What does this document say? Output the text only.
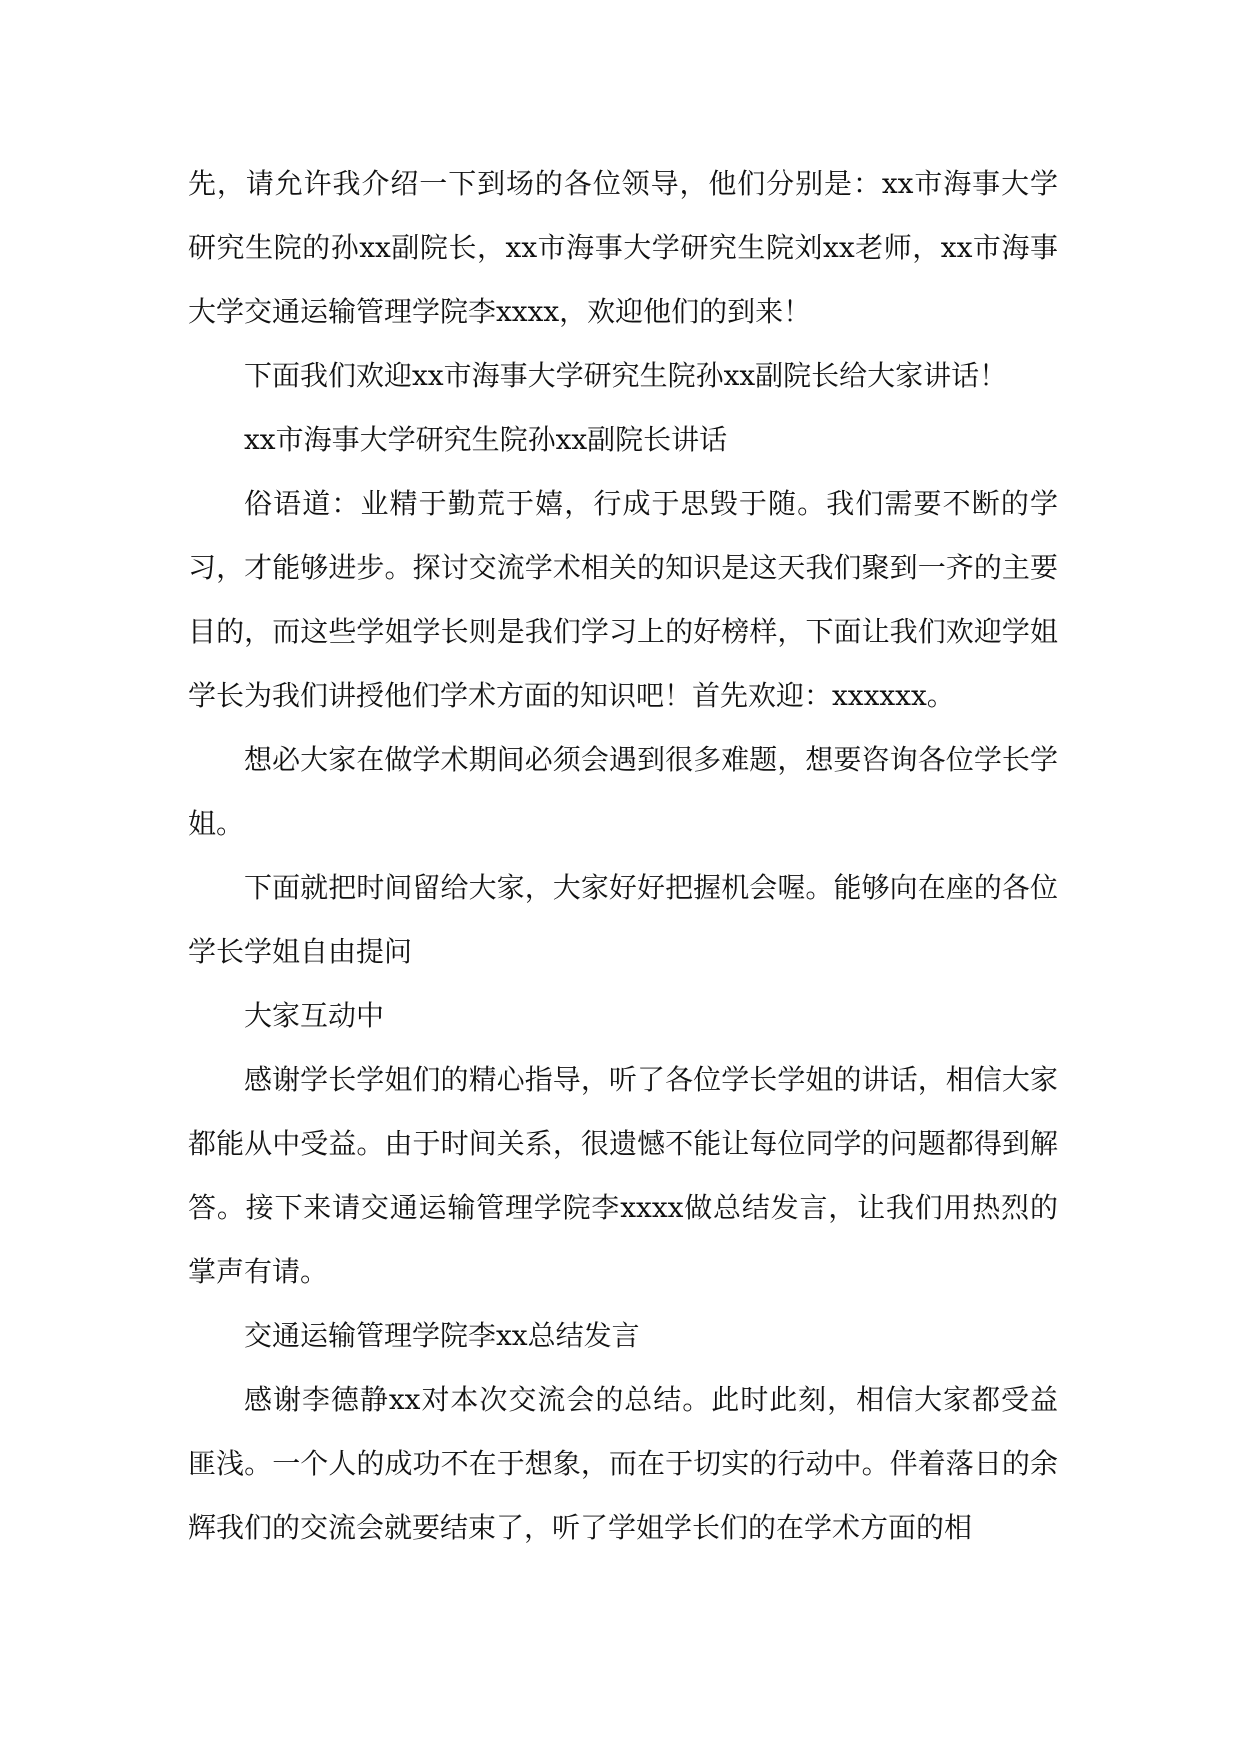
先，请允许我介绍一下到场的各位领导，他们分别是：xx市海事大学研究生院的孙xx副院长，xx市海事大学研究生院刘xx老师，xx市海事大学交通运输管理学院李xxxx，欢迎他们的到来！

下面我们欢迎xx市海事大学研究生院孙xx副院长给大家讲话！

xx市海事大学研究生院孙xx副院长讲话

俗语道：业精于勤荒于嬉，行成于思毁于随。我们需要不断的学习，才能够进步。探讨交流学术相关的知识是这天我们聚到一齐的主要目的，而这些学姐学长则是我们学习上的好榜样，下面让我们欢迎学姐学长为我们讲授他们学术方面的知识吧！首先欢迎：xxxxxx。

想必大家在做学术期间必须会遇到很多难题，想要咨询各位学长学姐。

下面就把时间留给大家，大家好好把握机会喔。能够向在座的各位学长学姐自由提问

大家互动中

感谢学长学姐们的精心指导，听了各位学长学姐的讲话，相信大家都能从中受益。由于时间关系，很遗憾不能让每位同学的问题都得到解答。接下来请交通运输管理学院李xxxx做总结发言，让我们用热烈的掌声有请。

交通运输管理学院李xx总结发言

感谢李德静xx对本次交流会的总结。此时此刻，相信大家都受益匪浅。一个人的成功不在于想象，而在于切实的行动中。伴着落日的余辉我们的交流会就要结束了，听了学姐学长们的在学术方面的相
